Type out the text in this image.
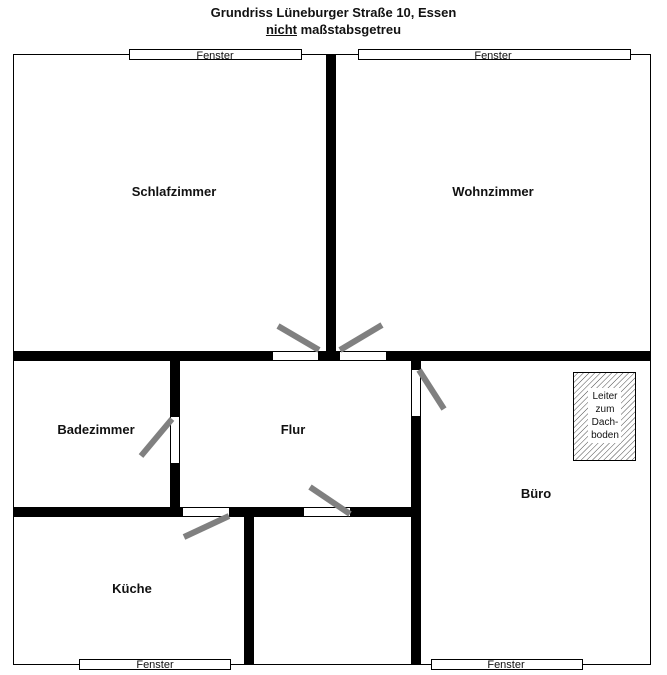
Grundriss Lüneburger Straße 10, Essen
nicht maßstabsgetreu
Fenster	Fenster
Fenster	Fenster
Leiter
zum
Dach-
boden
Schlafzimmer	Wohnzimmer
Badezimmer	Flur
Büro
Küche
